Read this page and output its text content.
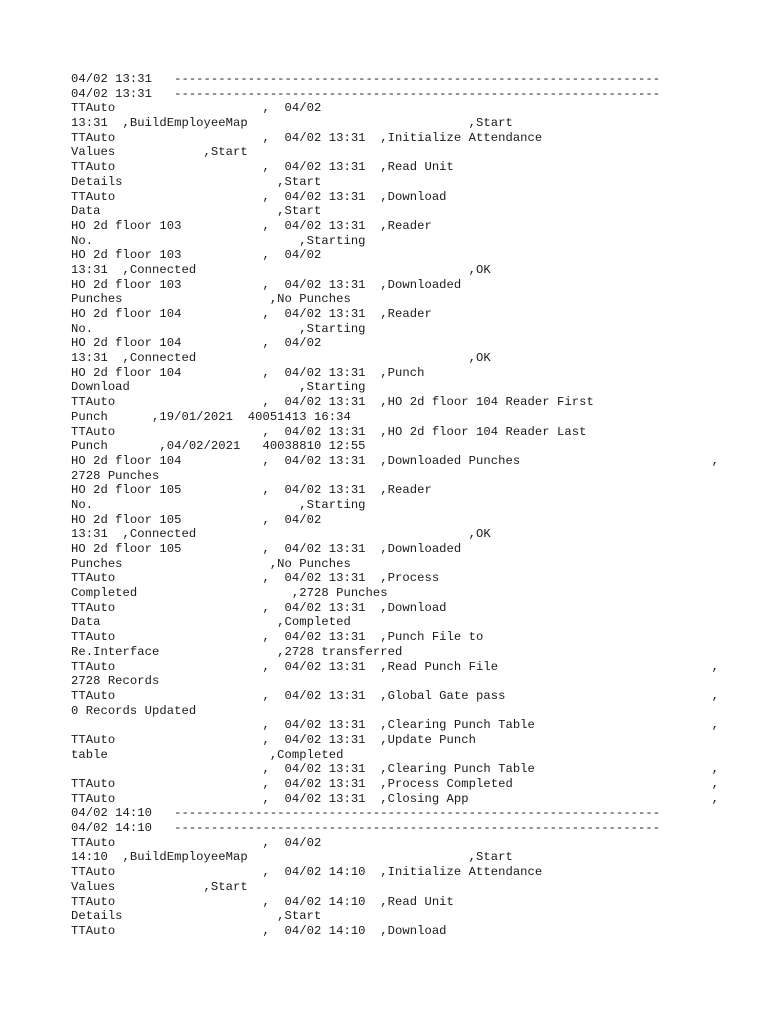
04/02 13:31   ------------------------------------------------------------------
04/02 13:31   ------------------------------------------------------------------
TTAuto                    ,  04/02
13:31  ,BuildEmployeeMap                              ,Start
TTAuto                    ,  04/02 13:31  ,Initialize Attendance
Values            ,Start
TTAuto                    ,  04/02 13:31  ,Read Unit
Details                     ,Start
TTAuto                    ,  04/02 13:31  ,Download
Data                        ,Start
HO 2d floor 103           ,  04/02 13:31  ,Reader
No.                            ,Starting
HO 2d floor 103           ,  04/02
13:31  ,Connected                                     ,OK
HO 2d floor 103           ,  04/02 13:31  ,Downloaded
Punches                    ,No Punches
HO 2d floor 104           ,  04/02 13:31  ,Reader
No.                            ,Starting
HO 2d floor 104           ,  04/02
13:31  ,Connected                                     ,OK
HO 2d floor 104           ,  04/02 13:31  ,Punch
Download                       ,Starting
TTAuto                    ,  04/02 13:31  ,HO 2d floor 104 Reader First
Punch      ,19/01/2021  40051413 16:34
TTAuto                    ,  04/02 13:31  ,HO 2d floor 104 Reader Last
Punch       ,04/02/2021   40038810 12:55
HO 2d floor 104           ,  04/02 13:31  ,Downloaded Punches                          ,
2728 Punches
HO 2d floor 105           ,  04/02 13:31  ,Reader
No.                            ,Starting
HO 2d floor 105           ,  04/02
13:31  ,Connected                                     ,OK
HO 2d floor 105           ,  04/02 13:31  ,Downloaded
Punches                    ,No Punches
TTAuto                    ,  04/02 13:31  ,Process
Completed                     ,2728 Punches
TTAuto                    ,  04/02 13:31  ,Download
Data                        ,Completed
TTAuto                    ,  04/02 13:31  ,Punch File to
Re.Interface                ,2728 transferred
TTAuto                    ,  04/02 13:31  ,Read Punch File                             ,
2728 Records
TTAuto                    ,  04/02 13:31  ,Global Gate pass                            ,
0 Records Updated
,  04/02 13:31  ,Clearing Punch Table                        ,
TTAuto                    ,  04/02 13:31  ,Update Punch
table                      ,Completed
,  04/02 13:31  ,Clearing Punch Table                        ,
TTAuto                    ,  04/02 13:31  ,Process Completed                           ,
TTAuto                    ,  04/02 13:31  ,Closing App                                 ,
04/02 14:10   ------------------------------------------------------------------
04/02 14:10   ------------------------------------------------------------------
TTAuto                    ,  04/02
14:10  ,BuildEmployeeMap                              ,Start
TTAuto                    ,  04/02 14:10  ,Initialize Attendance
Values            ,Start
TTAuto                    ,  04/02 14:10  ,Read Unit
Details                     ,Start
TTAuto                    ,  04/02 14:10  ,Download
